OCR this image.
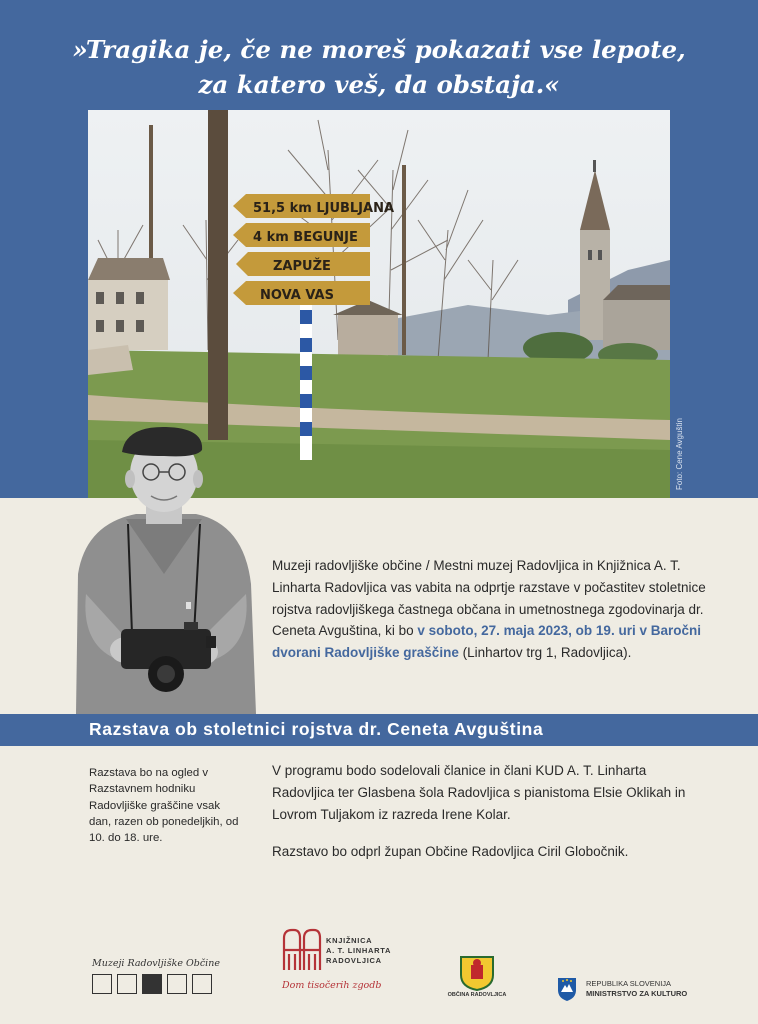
»Tragika je, če ne moreš pokazati vse lepote,
za katero veš, da obstaja.«
51,5 km LJUBLJANA
4 km BEGUNJE
ZAPUŽE
NOVA VAS
Foto: Cene Avguštin
Muzeji radovljiške občine / Mestni muzej Radovljica in Knjižnica A. T. Linharta Radovljica vas vabita na odprtje razstave v počastitev stoletnice rojstva radovljiškega častnega občana in umetnostnega zgodovinarja dr. Ceneta Avguština, ki bo v soboto, 27. maja 2023, ob 19. uri v Baročni dvorani Radovljiške graščine (Linhartov trg 1, Radovljica).
Razstava ob stoletnici rojstva dr. Ceneta Avguština
Razstava bo na ogled v Razstavnem hodniku Radovljiške graščine vsak dan, razen ob ponedeljkih, od 10. do 18. ure.

V programu bodo sodelovali članice in člani KUD A. T. Linharta Radovljica ter Glasbena šola Radovljica s pianistoma Elsie Oklikah in Lovrom Tuljakom iz razreda Irene Kolar.

Razstavo bo odprl župan Občine Radovljica Ciril Globočnik.

Muzeji Radovljiške Občine
KNJIŽNICA
A. T. LINHARTA
RADOVLJICA
Dom tisočerih zgodb
OBČINA RADOVLJICA
REPUBLIKA SLOVENIJA
MINISTRSTVO ZA KULTURO
